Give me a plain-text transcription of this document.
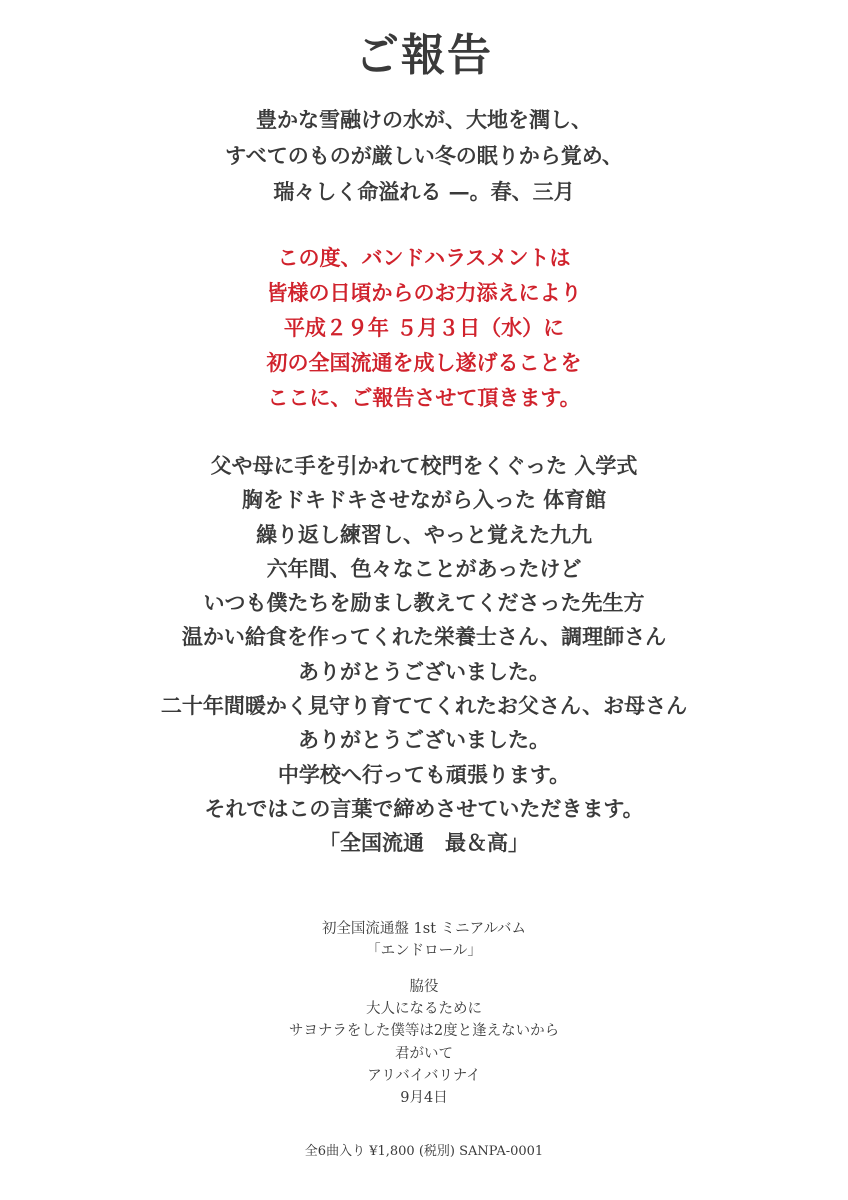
ご報告
豊かな雪融けの水が、大地を潤し、
すべてのものが厳しい冬の眠りから覚め、
瑞々しく命溢れる —。春、三月
この度、バンドハラスメントは
皆様の日頃からのお力添えにより
平成２９年 ５月３日（水）に
初の全国流通を成し遂げることを
ここに、ご報告させて頂きます。
父や母に手を引かれて校門をくぐった 入学式
胸をドキドキさせながら入った 体育館
繰り返し練習し、やっと覚えた九九
六年間、色々なことがあったけど
いつも僕たちを励まし教えてくださった先生方
温かい給食を作ってくれた栄養士さん、調理師さん
ありがとうございました。
二十年間暖かく見守り育ててくれたお父さん、お母さん
ありがとうございました。
中学校へ行っても頑張ります。
それではこの言葉で締めさせていただきます。
「全国流通　最＆高」
初全国流通盤 1st ミニアルバム
「エンドロール」
脇役
大人になるために
サヨナラをした僕等は2度と逢えないから
君がいて
アリバイバリナイ
9月4日
全6曲入り ¥1,800 (税別) SANPA-0001
